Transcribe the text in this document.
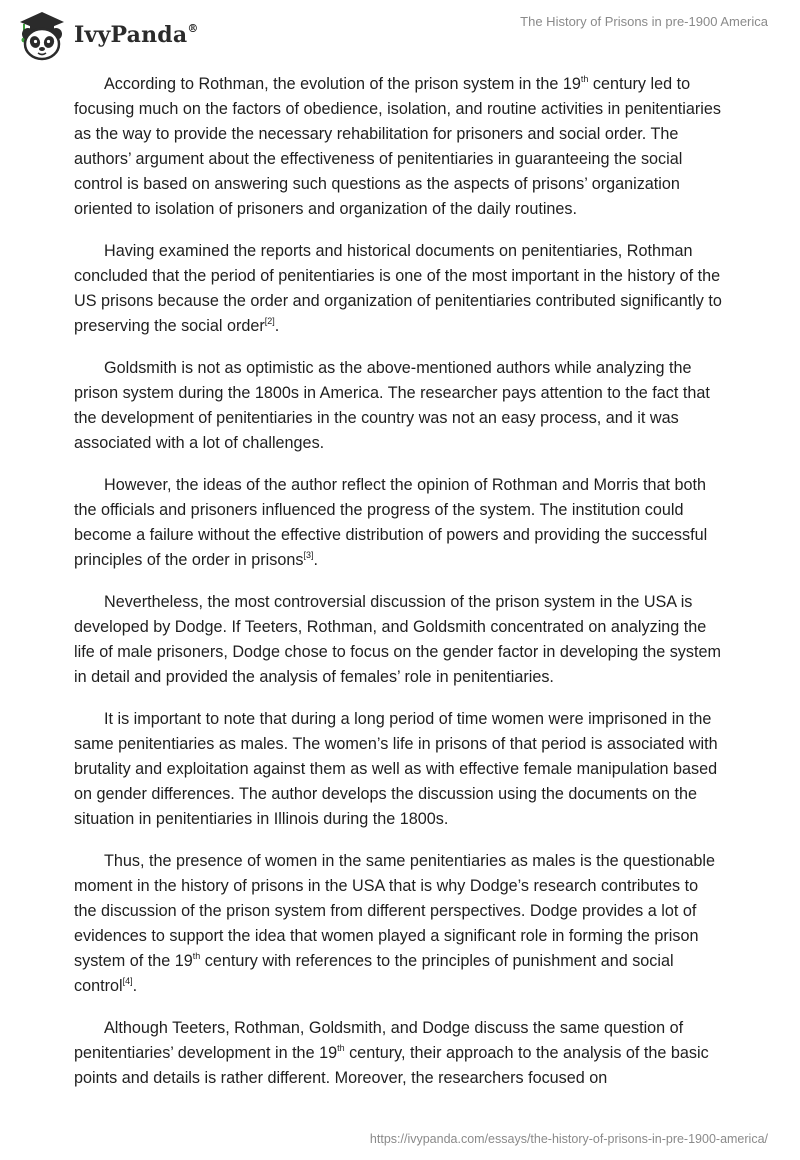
IvyPanda®	The History of Prisons in pre-1900 America

According to Rothman, the evolution of the prison system in the 19th century led to focusing much on the factors of obedience, isolation, and routine activities in penitentiaries as the way to provide the necessary rehabilitation for prisoners and social order. The authors’ argument about the effectiveness of penitentiaries in guaranteeing the social control is based on answering such questions as the aspects of prisons’ organization oriented to isolation of prisoners and organization of the daily routines.

Having examined the reports and historical documents on penitentiaries, Rothman concluded that the period of penitentiaries is one of the most important in the history of the US prisons because the order and organization of penitentiaries contributed significantly to preserving the social order[2].

Goldsmith is not as optimistic as the above-mentioned authors while analyzing the prison system during the 1800s in America. The researcher pays attention to the fact that the development of penitentiaries in the country was not an easy process, and it was associated with a lot of challenges.

However, the ideas of the author reflect the opinion of Rothman and Morris that both the officials and prisoners influenced the progress of the system. The institution could become a failure without the effective distribution of powers and providing the successful principles of the order in prisons[3].

Nevertheless, the most controversial discussion of the prison system in the USA is developed by Dodge. If Teeters, Rothman, and Goldsmith concentrated on analyzing the life of male prisoners, Dodge chose to focus on the gender factor in developing the system in detail and provided the analysis of females’ role in penitentiaries.

It is important to note that during a long period of time women were imprisoned in the same penitentiaries as males. The women’s life in prisons of that period is associated with brutality and exploitation against them as well as with effective female manipulation based on gender differences. The author develops the discussion using the documents on the situation in penitentiaries in Illinois during the 1800s.

Thus, the presence of women in the same penitentiaries as males is the questionable moment in the history of prisons in the USA that is why Dodge’s research contributes to the discussion of the prison system from different perspectives. Dodge provides a lot of evidences to support the idea that women played a significant role in forming the prison system of the 19th century with references to the principles of punishment and social control[4].

Although Teeters, Rothman, Goldsmith, and Dodge discuss the same question of penitentiaries’ development in the 19th century, their approach to the analysis of the basic points and details is rather different. Moreover, the researchers focused on

https://ivypanda.com/essays/the-history-of-prisons-in-pre-1900-america/
